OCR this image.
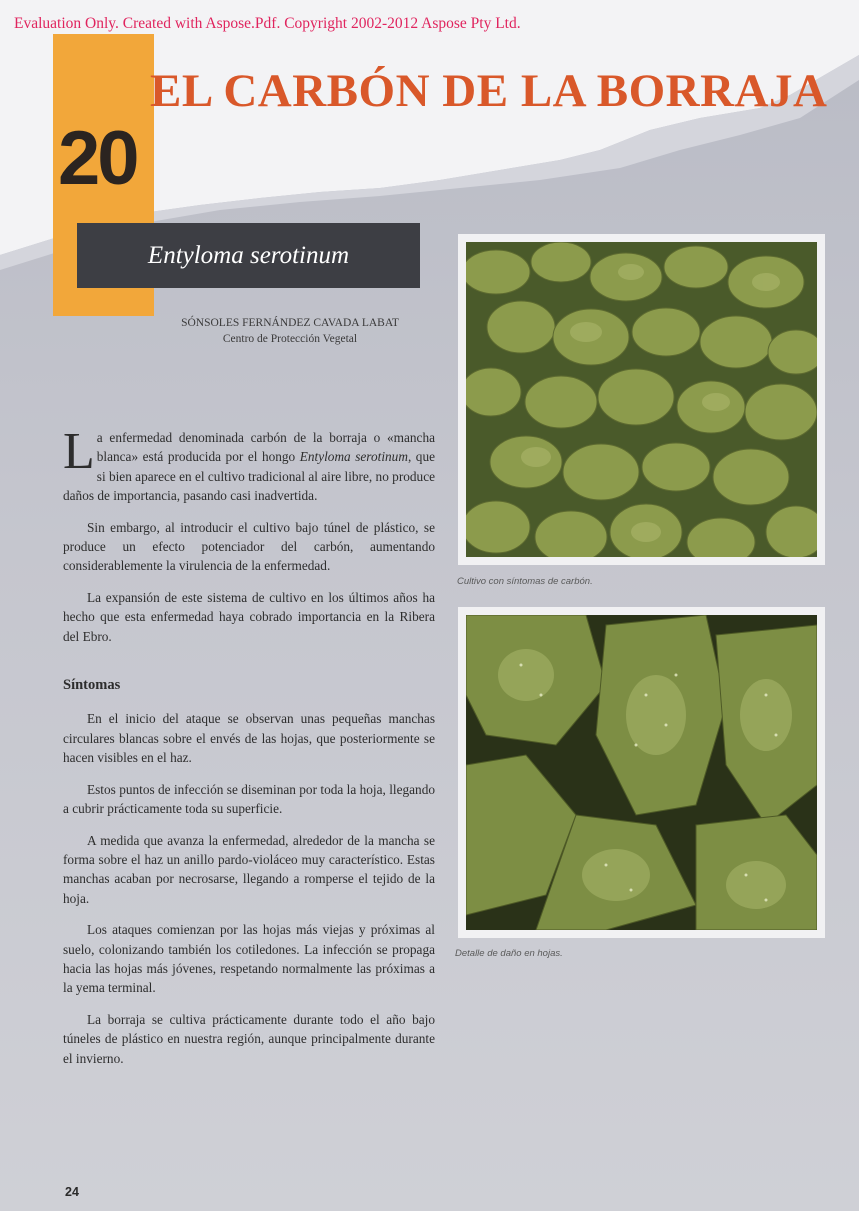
Evaluation Only. Created with Aspose.Pdf. Copyright 2002-2012 Aspose Pty Ltd.
20
EL CARBÓN DE LA BORRAJA
Entyloma serotinum
SÓNSOLES FERNÁNDEZ CAVADA LABAT
Centro de Protección Vegetal

La enfermedad denominada carbón de la borraja o «mancha blanca» está producida por el hongo Entyloma serotinum, que si bien aparece en el cultivo tradicional al aire libre, no produce daños de importancia, pasando casi inadvertida.

Sin embargo, al introducir el cultivo bajo túnel de plástico, se produce un efecto potenciador del carbón, aumentando considerablemente la virulencia de la enfermedad.

La expansión de este sistema de cultivo en los últimos años ha hecho que esta enfermedad haya cobrado importancia en la Ribera del Ebro.

Síntomas

En el inicio del ataque se observan unas pequeñas manchas circulares blancas sobre el envés de las hojas, que posteriormente se hacen visibles en el haz.

Estos puntos de infección se diseminan por toda la hoja, llegando a cubrir prácticamente toda su superficie.

A medida que avanza la enfermedad, alrededor de la mancha se forma sobre el haz un anillo pardo-violáceo muy característico. Estas manchas acaban por necrosarse, llegando a romperse el tejido de la hoja.

Los ataques comienzan por las hojas más viejas y próximas al suelo, colonizando también los cotiledones. La infección se propaga hacia las hojas más jóvenes, respetando normalmente las próximas a la yema terminal.

La borraja se cultiva prácticamente durante todo el año bajo túneles de plástico en nuestra región, aunque principalmente durante el invierno.

Cultivo con síntomas de carbón.
Detalle de daño en hojas.
24
